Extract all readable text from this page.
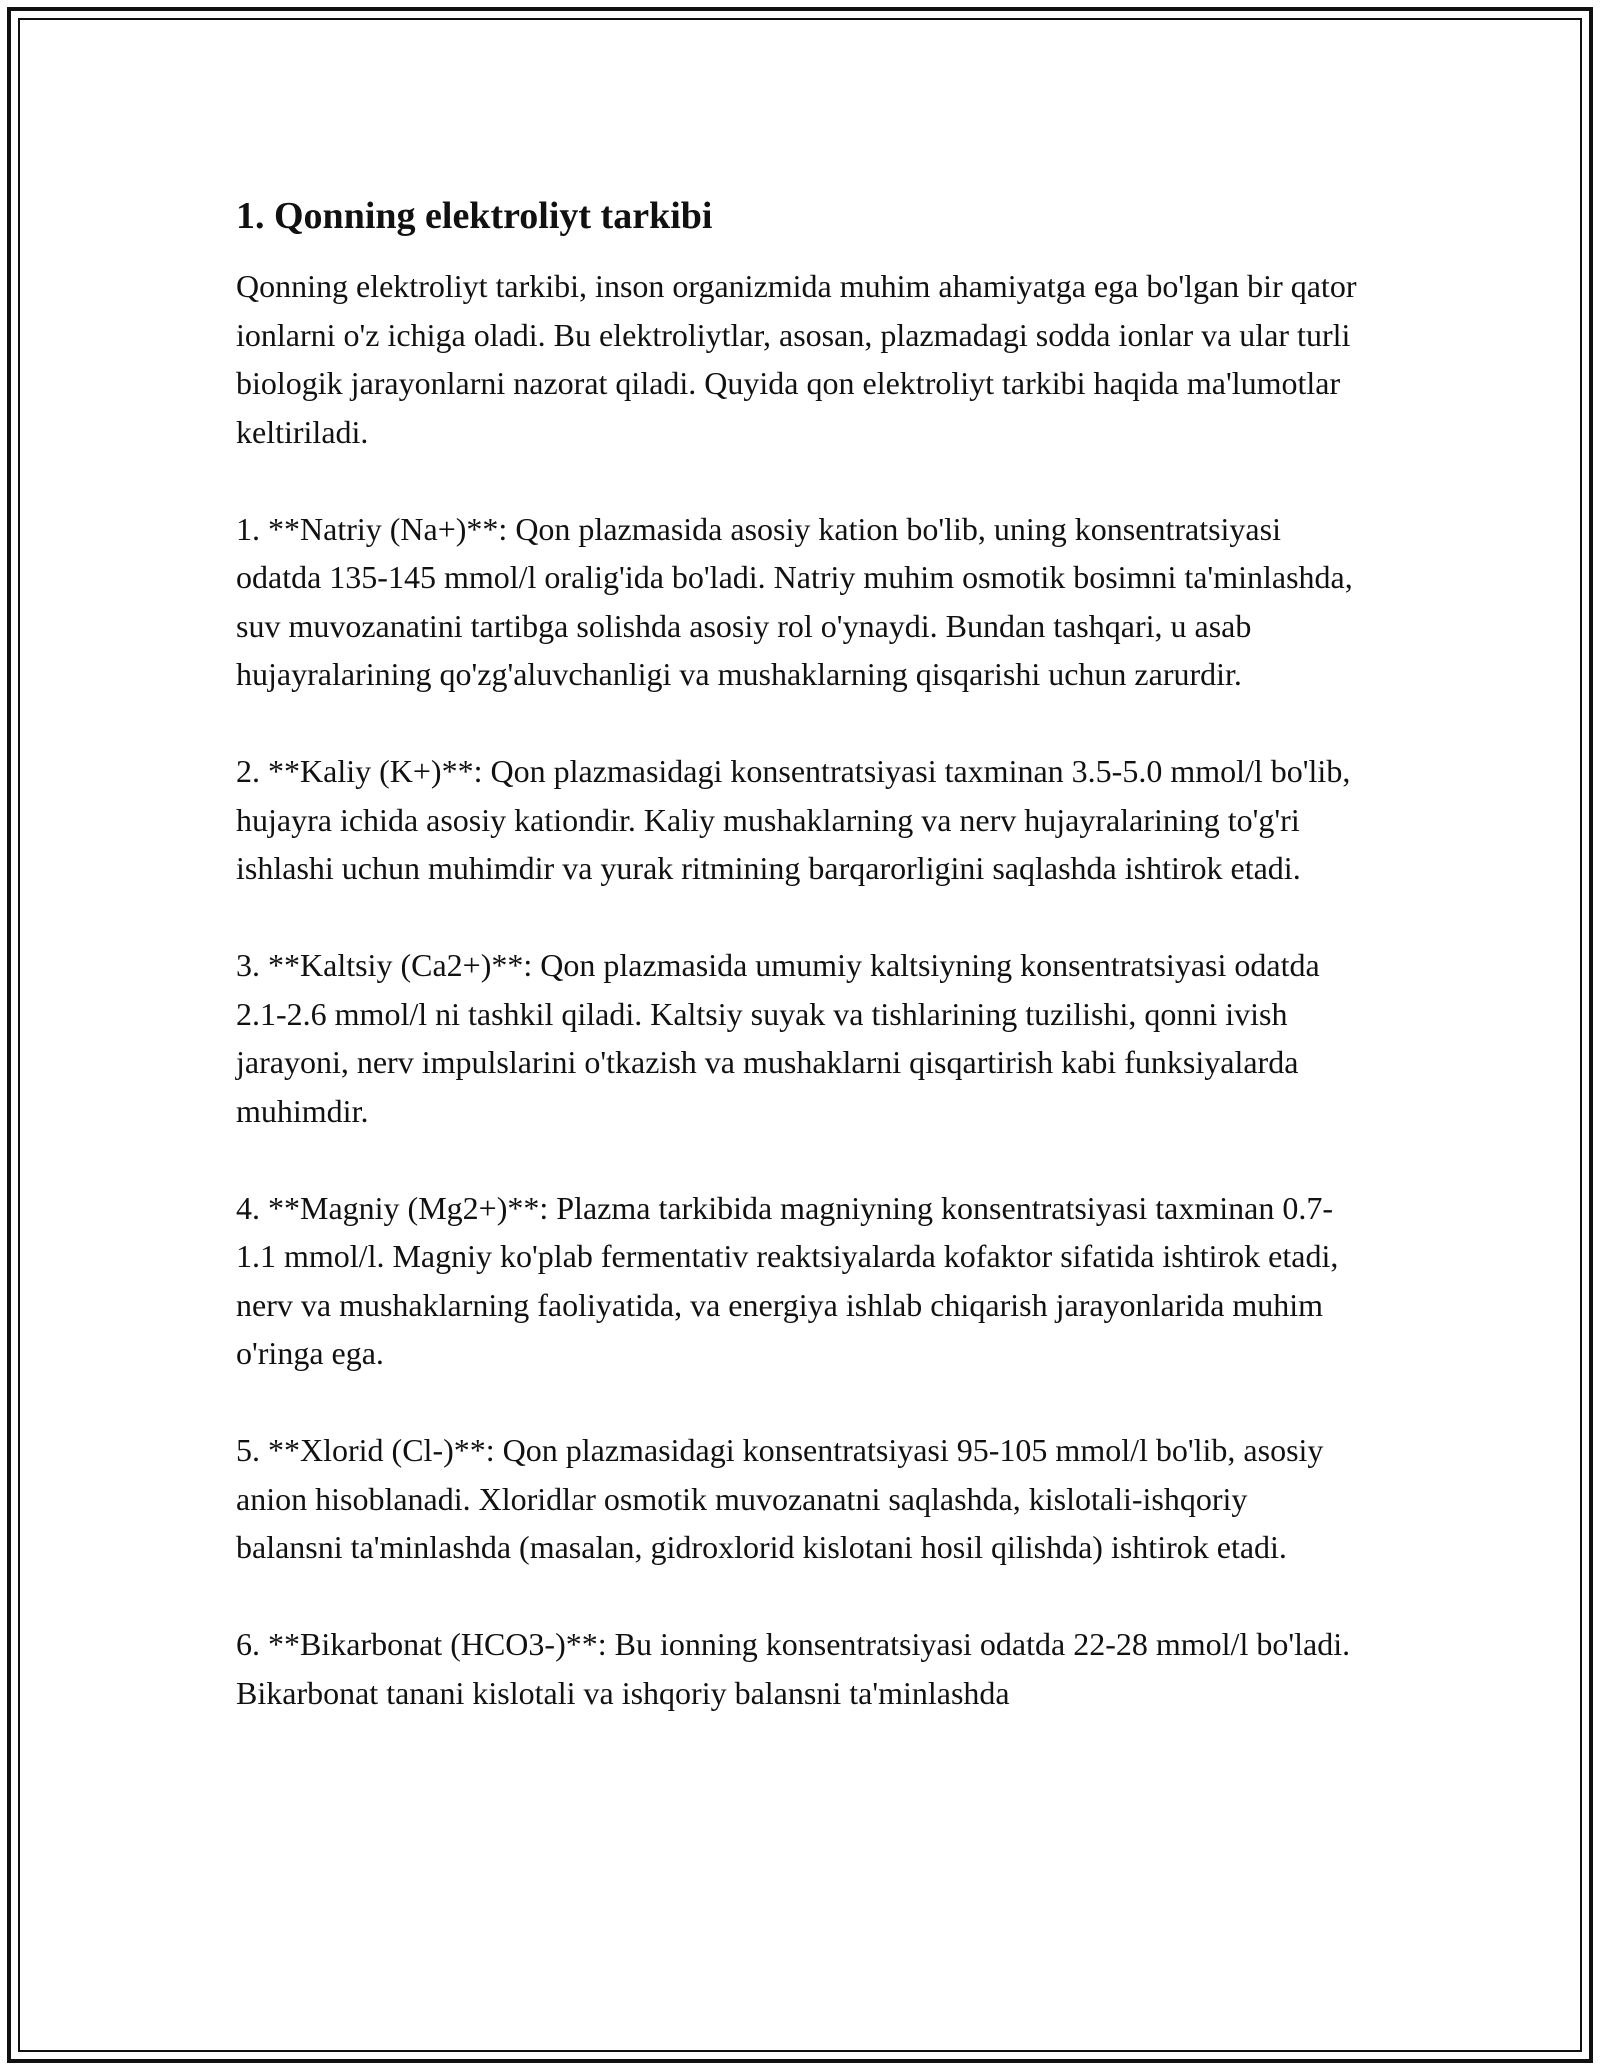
1. Qonning elektroliyt tarkibi

Qonning elektroliyt tarkibi, inson organizmida muhim ahamiyatga ega bo'lgan bir qator ionlarni o'z ichiga oladi. Bu elektroliytlar, asosan, plazmadagi sodda ionlar va ular turli biologik jarayonlarni nazorat qiladi. Quyida qon elektroliyt tarkibi haqida ma'lumotlar keltiriladi.

1. **Natriy (Na+)**: Qon plazmasida asosiy kation bo'lib, uning konsentratsiyasi odatda 135-145 mmol/l oralig'ida bo'ladi. Natriy muhim osmotik bosimni ta'minlashda, suv muvozanatini tartibga solishda asosiy rol o'ynaydi. Bundan tashqari, u asab hujayralarining qo'zg'aluvchanligi va mushaklarning qisqarishi uchun zarurdir.

2. **Kaliy (K+)**: Qon plazmasidagi konsentratsiyasi taxminan 3.5-5.0 mmol/l bo'lib, hujayra ichida asosiy kationdir. Kaliy mushaklarning va nerv hujayralarining to'g'ri ishlashi uchun muhimdir va yurak ritmining barqarorligini saqlashda ishtirok etadi.

3. **Kaltsiy (Ca2+)**: Qon plazmasida umumiy kaltsiyning konsentratsiyasi odatda 2.1-2.6 mmol/l ni tashkil qiladi. Kaltsiy suyak va tishlarining tuzilishi, qonni ivish jarayoni, nerv impulslarini o'tkazish va mushaklarni qisqartirish kabi funksiyalarda muhimdir.

4. **Magniy (Mg2+)**: Plazma tarkibida magniyning konsentratsiyasi taxminan 0.7-1.1 mmol/l. Magniy ko'plab fermentativ reaktsiyalarda kofaktor sifatida ishtirok etadi, nerv va mushaklarning faoliyatida, va energiya ishlab chiqarish jarayonlarida muhim o'ringa ega.

5. **Xlorid (Cl-)**: Qon plazmasidagi konsentratsiyasi 95-105 mmol/l bo'lib, asosiy anion hisoblanadi. Xloridlar osmotik muvozanatni saqlashda, kislotali-ishqoriy balansni ta'minlashda (masalan, gidroxlorid kislotani hosil qilishda) ishtirok etadi.

6. **Bikarbonat (HCO3-)**: Bu ionning konsentratsiyasi odatda 22-28 mmol/l bo'ladi. Bikarbonat tanani kislotali va ishqoriy balansni ta'minlashda
